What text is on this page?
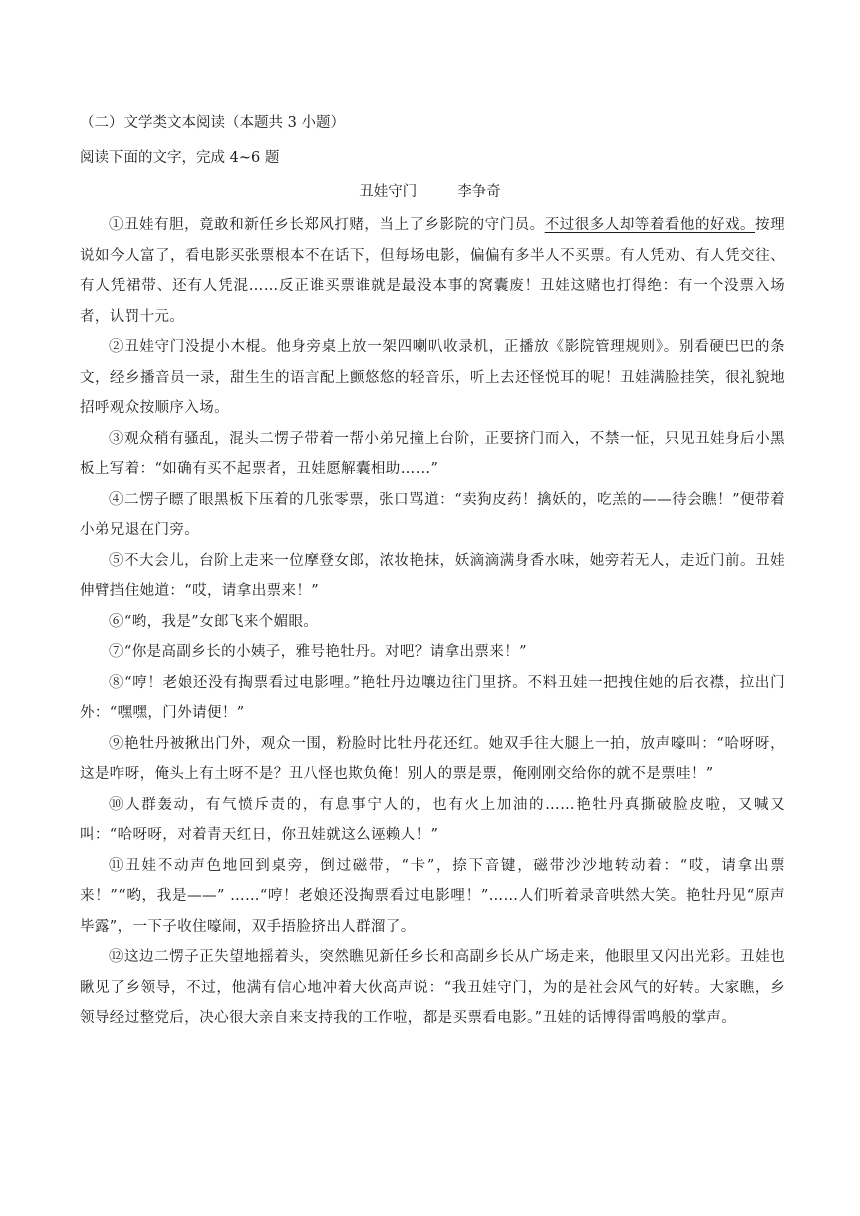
（二）文学类文本阅读（本题共 3 小题）
阅读下面的文字，完成 4~6 题
丑娃守门	李争奇

①丑娃有胆，竟敢和新任乡长郑风打赌，当上了乡影院的守门员。不过很多人却等着看他的好戏。按理说如今人富了，看电影买张票根本不在话下，但每场电影，偏偏有多半人不买票。有人凭劝、有人凭交往、有人凭裙带、还有人凭混……反正谁买票谁就是最没本事的窝囊废！丑娃这赌也打得绝：有一个没票入场者，认罚十元。

②丑娃守门没提小木棍。他身旁桌上放一架四喇叭收录机，正播放《影院管理规则》。别看硬巴巴的条文，经乡播音员一录，甜生生的语言配上颤悠悠的轻音乐，听上去还怪悦耳的呢！丑娃满脸挂笑，很礼貌地招呼观众按顺序入场。

③观众稍有骚乱，混头二愣子带着一帮小弟兄撞上台阶，正要挤门而入，不禁一怔，只见丑娃身后小黑板上写着：“如确有买不起票者，丑娃愿解囊相助……”

④二愣子瞟了眼黑板下压着的几张零票，张口骂道：“卖狗皮药！擒妖的，吃羔的——待会瞧！”便带着小弟兄退在门旁。

⑤不大会儿，台阶上走来一位摩登女郎，浓妆艳抹，妖滴滴满身香水味，她旁若无人，走近门前。丑娃伸臂挡住她道：“哎，请拿出票来！”

⑥“哟，我是”女郎飞来个媚眼。

⑦“你是高副乡长的小姨子，雅号艳牡丹。对吧？请拿出票来！”

⑧“哼！老娘还没有掏票看过电影哩。”艳牡丹边嚷边往门里挤。不料丑娃一把拽住她的后衣襟，拉出门外：“嘿嘿，门外请便！”

⑨艳牡丹被揪出门外，观众一围，粉脸时比牡丹花还红。她双手往大腿上一拍，放声嚎叫：“哈呀呀，这是咋呀，俺头上有土呀不是？丑八怪也欺负俺！别人的票是票，俺刚刚交给你的就不是票哇！”

⑩人群轰动，有气愤斥责的，有息事宁人的，也有火上加油的……艳牡丹真撕破脸皮啦，又喊又叫：“哈呀呀，对着青天红日，你丑娃就这么诬赖人！”

⑪丑娃不动声色地回到桌旁，倒过磁带，“卡”，捺下音键，磁带沙沙地转动着：“哎，请拿出票来！”“哟，我是——” ……“哼！老娘还没掏票看过电影哩！”……人们听着录音哄然大笑。艳牡丹见“原声毕露”，一下子收住嚎闹，双手捂脸挤出人群溜了。

⑫这边二愣子正失望地摇着头，突然瞧见新任乡长和高副乡长从广场走来，他眼里又闪出光彩。丑娃也瞅见了乡领导，不过，他满有信心地冲着大伙高声说：“我丑娃守门，为的是社会风气的好转。大家瞧，乡领导经过整党后，决心很大亲自来支持我的工作啦，都是买票看电影。”丑娃的话博得雷鸣般的掌声。
